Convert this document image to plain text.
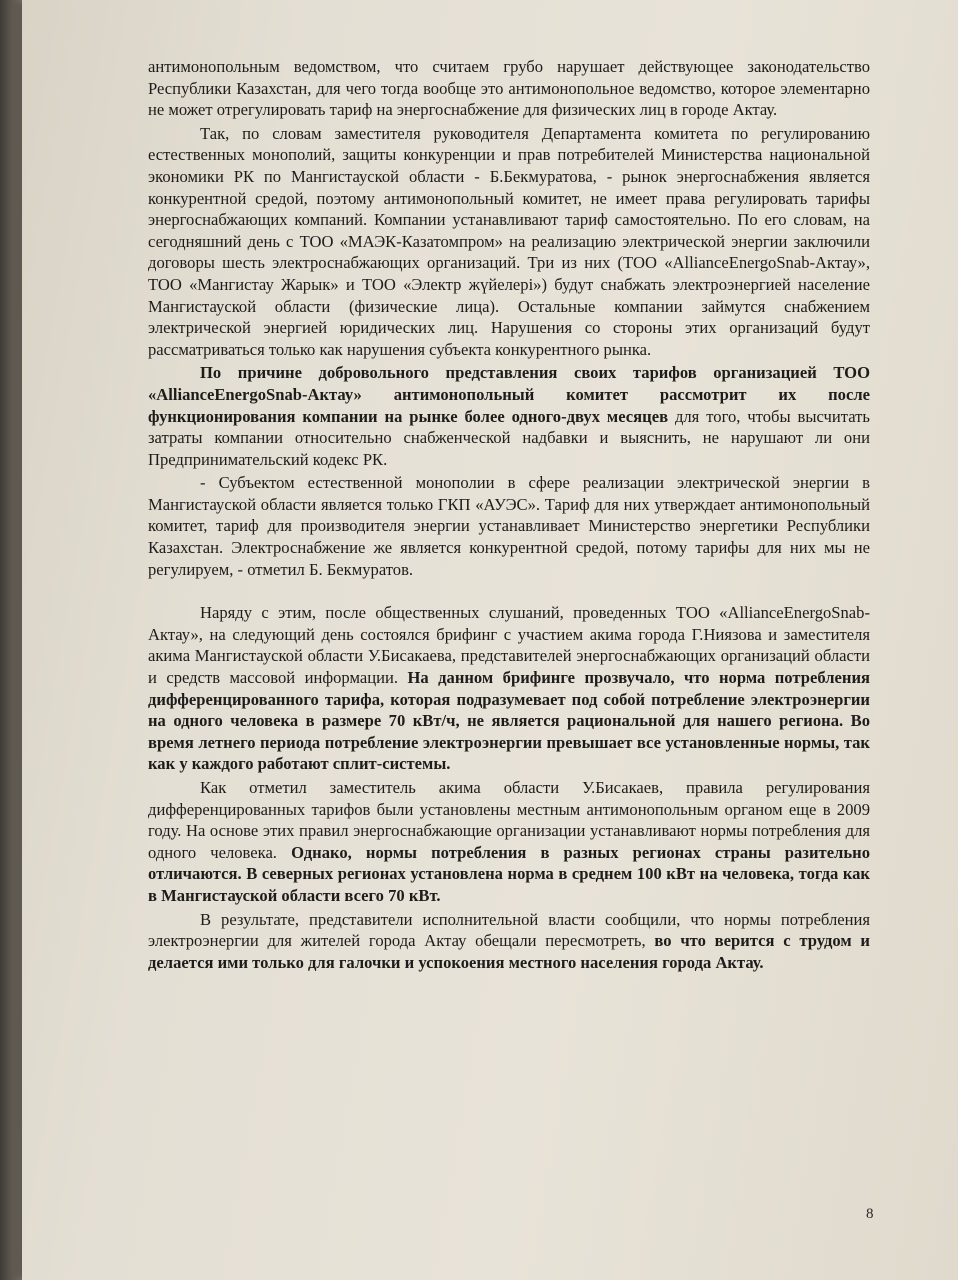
антимонопольным ведомством, что считаем грубо нарушает действующее законодательство Республики Казахстан, для чего тогда вообще это антимонопольное ведомство, которое элементарно не может отрегулировать тариф на энергоснабжение для физических лиц в городе Актау.

Так, по словам заместителя руководителя Департамента комитета по регулированию естественных монополий, защиты конкуренции и прав потребителей Министерства национальной экономики РК по Мангистауской области - Б.Бекмуратова, - рынок энергоснабжения является конкурентной средой, поэтому антимонопольный комитет, не имеет права регулировать тарифы энергоснабжающих компаний. Компании устанавливают тариф самостоятельно. По его словам, на сегодняшний день с ТОО «МАЭК-Казатомпром» на реализацию электрической энергии заключили договоры шесть электроснабжающих организаций. Три из них (ТОО «AllianceEnergoSnab-Актау», ТОО «Мангистау Жарык» и ТОО «Электр жүйелері») будут снабжать электроэнергией население Мангистауской области (физические лица). Остальные компании займутся снабжением электрической энергией юридических лиц. Нарушения со стороны этих организаций будут рассматриваться только как нарушения субъекта конкурентного рынка.

По причине добровольного представления своих тарифов организацией ТОО «AllianceEnergoSnab-Актау» антимонопольный комитет рассмотрит их после функционирования компании на рынке более одного-двух месяцев для того, чтобы высчитать затраты компании относительно снабженческой надбавки и выяснить, не нарушают ли они Предпринимательский кодекс РК.

- Субъектом естественной монополии в сфере реализации электрической энергии в Мангистауской области является только ГКП «АУЭС». Тариф для них утверждает антимонопольный комитет, тариф для производителя энергии устанавливает Министерство энергетики Республики Казахстан. Электроснабжение же является конкурентной средой, потому тарифы для них мы не регулируем, - отметил Б. Бекмуратов.

Наряду с этим, после общественных слушаний, проведенных ТОО «AllianceEnergoSnab-Актау», на следующий день состоялся брифинг с участием акима города Г.Ниязова и заместителя акима Мангистауской области У.Бисакаева, представителей энергоснабжающих организаций области и средств массовой информации. На данном брифинге прозвучало, что норма потребления дифференцированного тарифа, которая подразумевает под собой потребление электроэнергии на одного человека в размере 70 кВт/ч, не является рациональной для нашего региона. Во время летнего периода потребление электроэнергии превышает все установленные нормы, так как у каждого работают сплит-системы.

Как отметил заместитель акима области У.Бисакаев, правила регулирования дифференцированных тарифов были установлены местным антимонопольным органом еще в 2009 году. На основе этих правил энергоснабжающие организации устанавливают нормы потребления для одного человека. Однако, нормы потребления в разных регионах страны разительно отличаются. В северных регионах установлена норма в среднем 100 кВт на человека, тогда как в Мангистауской области всего 70 кВт.

В результате, представители исполнительной власти сообщили, что нормы потребления электроэнергии для жителей города Актау обещали пересмотреть, во что верится с трудом и делается ими только для галочки и успокоения местного населения города Актау.

8
